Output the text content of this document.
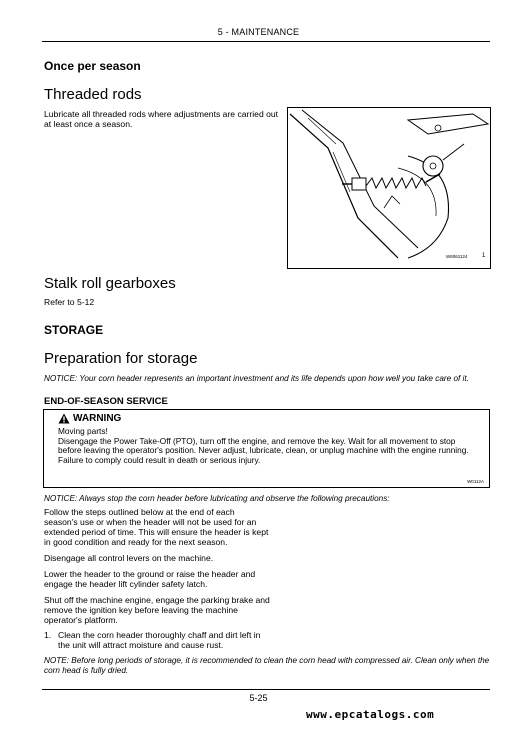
5 - MAINTENANCE
Once per season
Threaded rods
Lubricate all threaded rods where adjustments are carried out at least once a season.
W6061124 1
Stalk roll gearboxes
Refer to 5-12
STORAGE
Preparation for storage
NOTICE: Your corn header represents an important investment and its life depends upon how well you take care of it.
END-OF-SEASON SERVICE
WARNING
Moving parts!
Disengage the Power Take-Off (PTO), turn off the engine, and remove the key. Wait for all movement to stop before leaving the operator's position. Never adjust, lubricate, clean, or unplug machine with the engine running.
Failure to comply could result in death or serious injury.
W0112A
NOTICE: Always stop the corn header before lubricating and observe the following precautions:
Follow the steps outlined below at the end of each season's use or when the header will not be used for an extended period of time. This will ensure the header is kept in good condition and ready for the next season.
Disengage all control levers on the machine.
Lower the header to the ground or raise the header and engage the header lift cylinder safety latch.
Shut off the machine engine, engage the parking brake and remove the ignition key before leaving the machine operator's platform.
1. Clean the corn header thoroughly chaff and dirt left in the unit will attract moisture and cause rust.
NOTE: Before long periods of storage, it is recommended to clean the corn head with compressed air. Clean only when the corn head is fully dried.
5-25
www.epcatalogs.com
